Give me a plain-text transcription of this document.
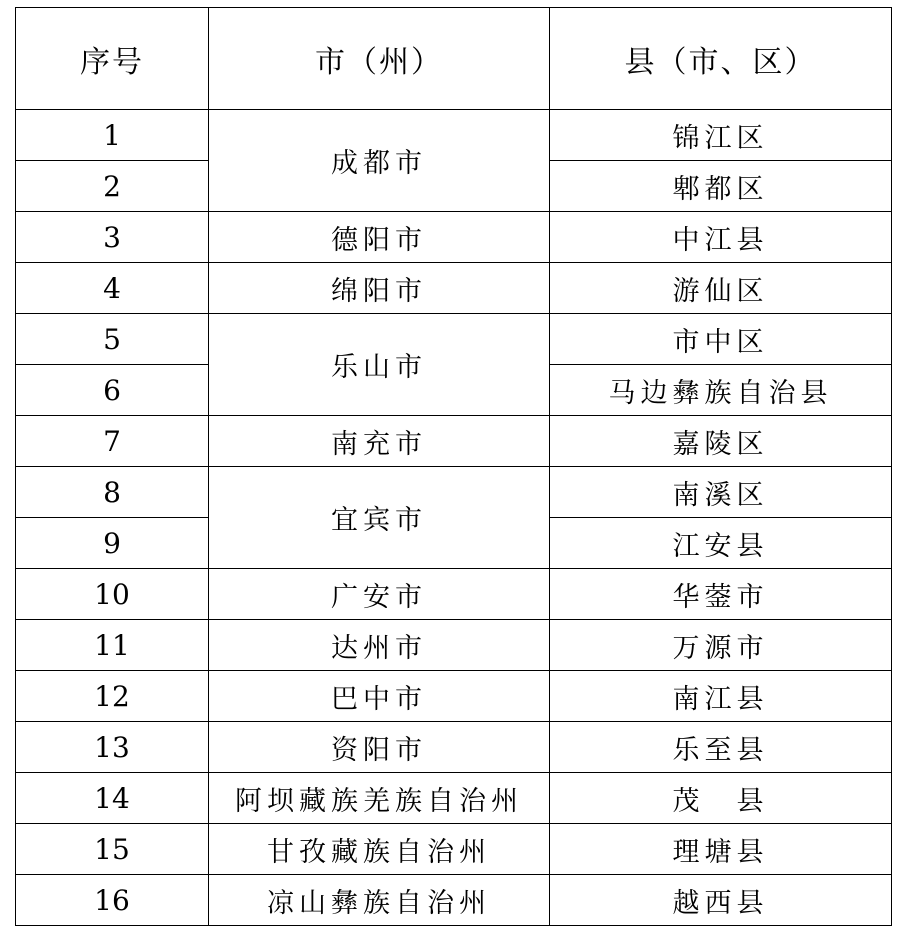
序号	市（州）	县（市、区）
1	成都市	锦江区
2		郫都区
3	德阳市	中江县
4	绵阳市	游仙区
5	乐山市	市中区
6		马边彝族自治县
7	南充市	嘉陵区
8	宜宾市	南溪区
9		江安县
10	广安市	华蓥市
11	达州市	万源市
12	巴中市	南江县
13	资阳市	乐至县
14	阿坝藏族羌族自治州	茂　县
15	甘孜藏族自治州	理塘县
16	凉山彝族自治州	越西县
